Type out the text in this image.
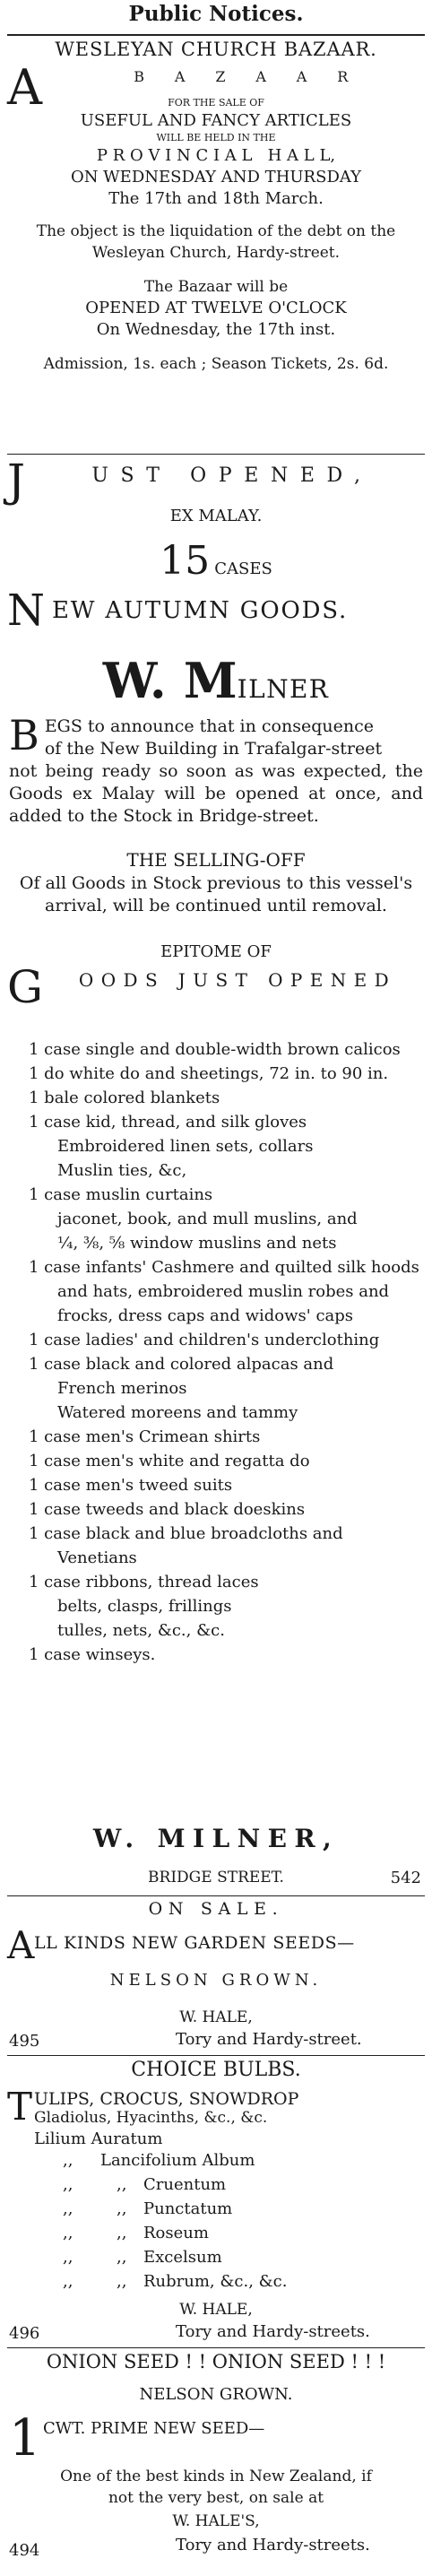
Public Notices.
WESLEYAN CHURCH BAZAAR.
A	B A Z A A R
FOR THE SALE OF
USEFUL AND FANCY ARTICLES
WILL BE HELD IN THE
P R O V I N C I A L   H A L L,
ON WEDNESDAY AND THURSDAY
The 17th and 18th March.
The object is the liquidation of the debt on the
Wesleyan Church, Hardy-street.
The Bazaar will be
OPENED AT TWELVE O'CLOCK
On Wednesday, the 17th inst.
Admission, 1s. each ; Season Tickets, 2s. 6d.
J	UST OPENED,
EX MALAY.
15 CASES
N EW AUTUMN GOODS.
W. MILNER
B EGS to announce that in consequence
of the New Building in Trafalgar-street
not being ready so soon as was expected, the Goods ex Malay will be opened at once, and added to the Stock in Bridge-street.
THE SELLING-OFF
Of all Goods in Stock previous to this vessel's arrival, will be continued until removal.
EPITOME OF
G	OODS JUST OPENED
1 case single and double-width brown calicos
1 do white do and sheetings, 72 in. to 90 in.
1 bale colored blankets
1 case kid, thread, and silk gloves
Embroidered linen sets, collars
Muslin ties, &c,
1 case muslin curtains
jaconet, book, and mull muslins, and
¼, ⅜, ⅝ window muslins and nets
1 case infants' Cashmere and quilted silk hoods
and hats, embroidered muslin robes and
frocks, dress caps and widows' caps
1 case ladies' and children's underclothing
1 case black and colored alpacas and
French merinos
Watered moreens and tammy
1 case men's Crimean shirts
1 case men's white and regatta do
1 case men's tweed suits
1 case tweeds and black doeskins
1 case black and blue broadcloths and
Venetians
1 case ribbons, thread laces
belts, clasps, frillings
tulles, nets, &c., &c.
1 case winseys.
W. MILNER,
BRIDGE STREET.	542
ON SALE.
A LL KINDS NEW GARDEN SEEDS—
NELSON GROWN.
W. HALE,
495	Tory and Hardy-street.
CHOICE BULBS.
T ULIPS, CROCUS, SNOWDROP
Gladiolus, Hyacinths, &c., &c.
Lilium Auratum
,, Lancifolium Album
,,	,, Cruentum
,,	,, Punctatum
,,	,, Roseum
,,	,, Excelsum
,,	,, Rubrum, &c., &c.
W. HALE,
496	Tory and Hardy-streets.
ONION SEED ! ! ONION SEED ! ! !
NELSON GROWN.
1 CWT. PRIME NEW SEED—
One of the best kinds in New Zealand, if
not the very best, on sale at
W. HALE'S,
494	Tory and Hardy-streets.
